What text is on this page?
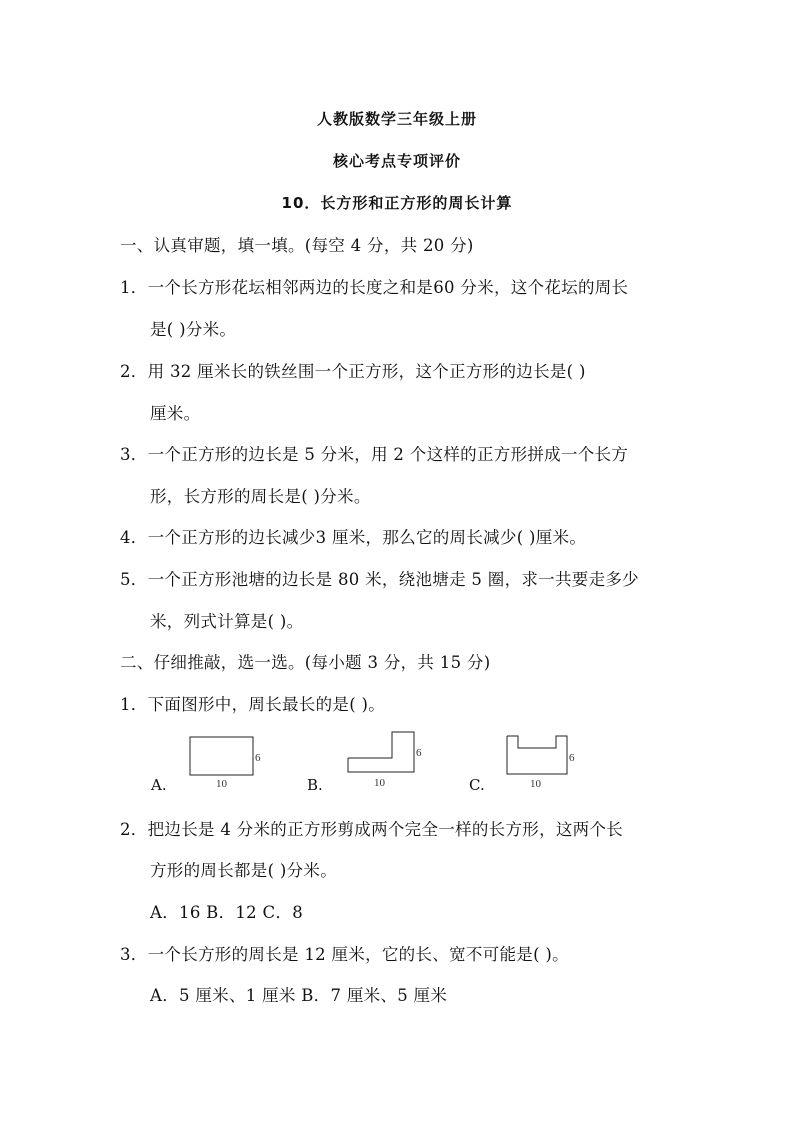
人教版数学三年级上册
核心考点专项评价
10．长方形和正方形的周长计算
一、认真审题，填一填。(每空 4 分，共 20 分)
1．一个长方形花坛相邻两边的长度之和是60 分米，这个花坛的周长
是( )分米。
2．用 32 厘米长的铁丝围一个正方形，这个正方形的边长是( )
厘米。
3．一个正方形的边长是 5 分米，用 2 个这样的正方形拼成一个长方
形，长方形的周长是( )分米。
4．一个正方形的边长减少3 厘米，那么它的周长减少( )厘米。
5．一个正方形池塘的边长是 80 米，绕池塘走 5 圈，求一共要走多少
米，列式计算是( )。
二、仔细推敲，选一选。(每小题 3 分，共 15 分)
1．下面图形中，周长最长的是( )。
A.
6
10	B.
6
10	C.
6
10
2．把边长是 4 分米的正方形剪成两个完全一样的长方形，这两个长
方形的周长都是( )分米。
A．16 B．12 C．8
3．一个长方形的周长是 12 厘米，它的长、宽不可能是( )。
A．5 厘米、1 厘米 B．7 厘米、5 厘米
